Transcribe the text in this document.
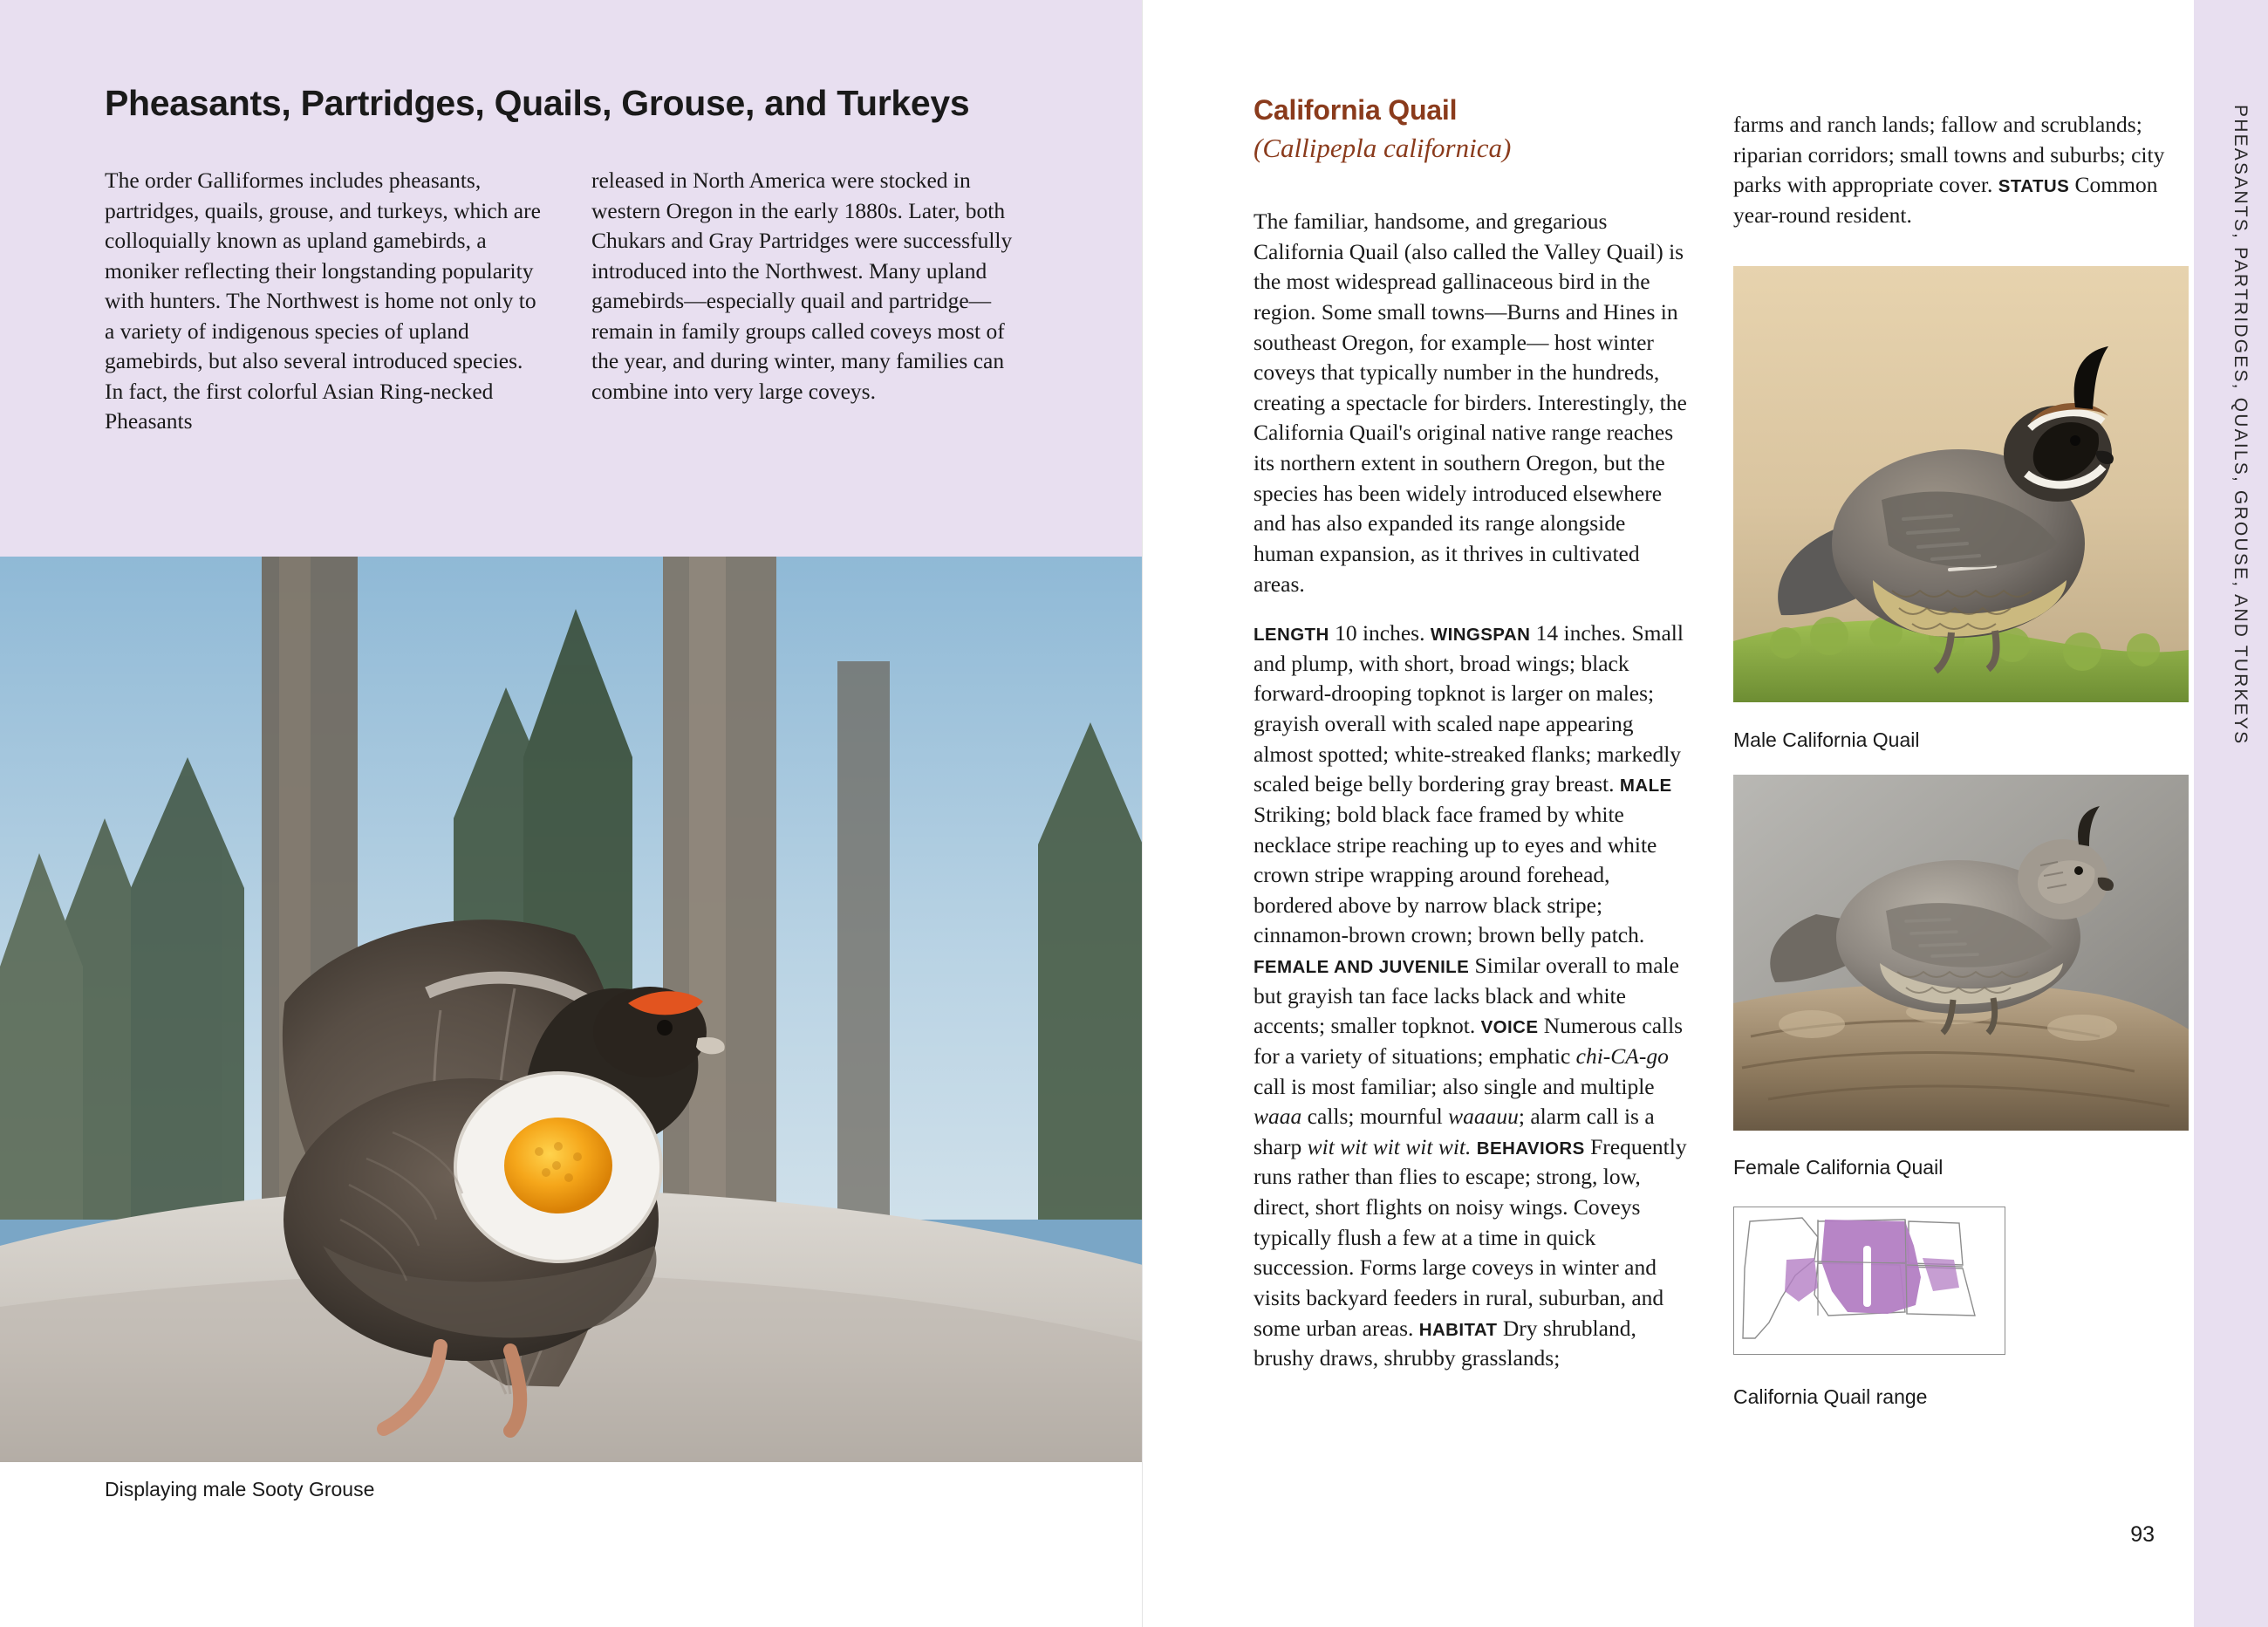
Pheasants, Partridges, Quails, Grouse, and Turkeys
The order Galliformes includes pheasants, partridges, quails, grouse, and turkeys, which are colloquially known as upland gamebirds, a moniker reflecting their longstanding popularity with hunters. The Northwest is home not only to a variety of indigenous species of upland gamebirds, but also several introduced species. In fact, the first colorful Asian Ring-necked Pheasants
released in North America were stocked in western Oregon in the early 1880s. Later, both Chukars and Gray Partridges were successfully introduced into the Northwest. Many upland gamebirds—especially quail and partridge—remain in family groups called coveys most of the year, and during winter, many families can combine into very large coveys.
Displaying male Sooty Grouse
California Quail
(Callipepla californica)

The familiar, handsome, and gregarious California Quail (also called the Valley Quail) is the most widespread gallinaceous bird in the region. Some small towns—Burns and Hines in southeast Oregon, for example— host winter coveys that typically number in the hundreds, creating a spectacle for birders. Interestingly, the California Quail's original native range reaches its northern extent in southern Oregon, but the species has been widely introduced elsewhere and has also expanded its range alongside human expansion, as it thrives in cultivated areas.

LENGTH 10 inches. WINGSPAN 14 inches. Small and plump, with short, broad wings; black forward-drooping topknot is larger on males; grayish overall with scaled nape appearing almost spotted; white-streaked flanks; markedly scaled beige belly bordering gray breast. MALE Striking; bold black face framed by white necklace stripe reaching up to eyes and white crown stripe wrapping around forehead, bordered above by narrow black stripe; cinnamon-brown crown; brown belly patch. FEMALE AND JUVENILE Similar overall to male but grayish tan face lacks black and white accents; smaller topknot. VOICE Numerous calls for a variety of situations; emphatic chi-CA-go call is most familiar; also single and multiple waaa calls; mournful waaauu; alarm call is a sharp wit wit wit wit wit. BEHAVIORS Frequently runs rather than flies to escape; strong, low, direct, short flights on noisy wings. Coveys typically flush a few at a time in quick succession. Forms large coveys in winter and visits backyard feeders in rural, suburban, and some urban areas. HABITAT Dry shrubland, brushy draws, shrubby grasslands;

farms and ranch lands; fallow and scrublands; riparian corridors; small towns and suburbs; city parks with appropriate cover. STATUS Common year-round resident.

Male California Quail
Female California Quail
California Quail range
PHEASANTS, PARTRIDGES, QUAILS, GROUSE, AND TURKEYS
93
